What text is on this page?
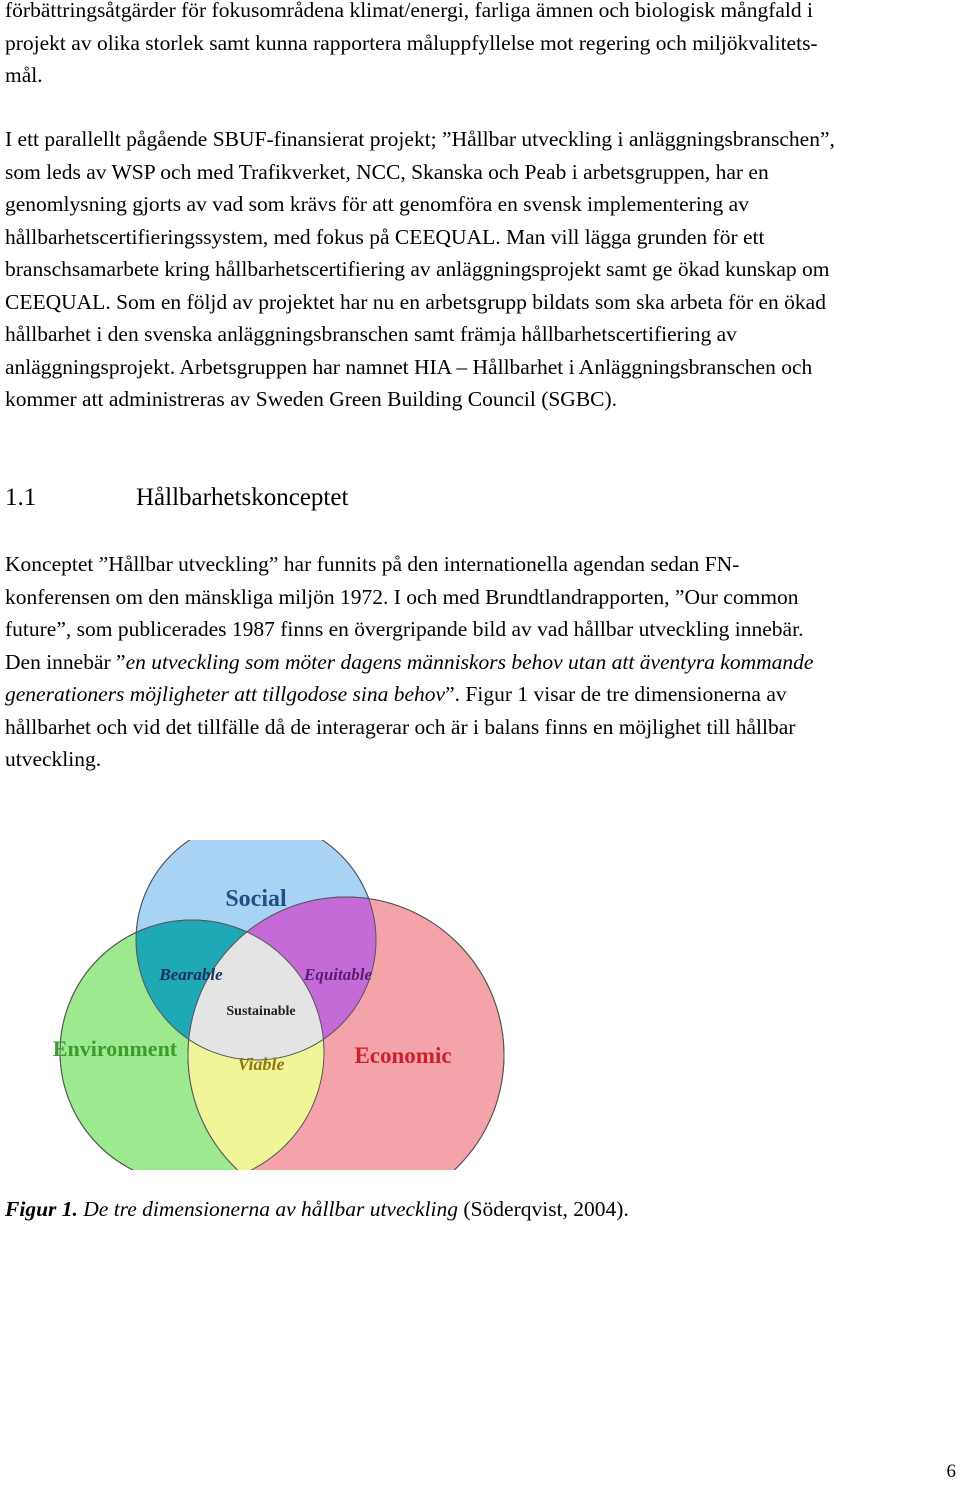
förbättringsåtgärder för fokusområdena klimat/energi, farliga ämnen och biologisk mångfald i
projekt av olika storlek samt kunna rapportera måluppfyllelse mot regering och miljökvalitets-
mål.

I ett parallellt pågående SBUF-finansierat projekt; ”Hållbar utveckling i anläggningsbranschen”,
som leds av WSP och med Trafikverket, NCC, Skanska och Peab i arbetsgruppen, har en
genomlysning gjorts av vad som krävs för att genomföra en svensk implementering av
hållbarhetscertifieringssystem, med fokus på CEEQUAL. Man vill lägga grunden för ett
branschsamarbete kring hållbarhetscertifiering av anläggningsprojekt samt ge ökad kunskap om
CEEQUAL. Som en följd av projektet har nu en arbetsgrupp bildats som ska arbeta för en ökad
hållbarhet i den svenska anläggningsbranschen samt främja hållbarhetscertifiering av
anläggningsprojekt. Arbetsgruppen har namnet HIA – Hållbarhet i Anläggningsbranschen och
kommer att administreras av Sweden Green Building Council (SGBC).

1.1	Hållbarhetskonceptet

Konceptet ”Hållbar utveckling” har funnits på den internationella agendan sedan FN-
konferensen om den mänskliga miljön 1972. I och med Brundtlandrapporten, ”Our common
future”, som publicerades 1987 finns en övergripande bild av vad hållbar utveckling innebär.
Den innebär ”en utveckling som möter dagens människors behov utan att äventyra kommande
generationers möjligheter att tillgodose sina behov”. Figur 1 visar de tre dimensionerna av
hållbarhet och vid det tillfälle då de interagerar och är i balans finns en möjlighet till hållbar
utveckling.

Social
Bearable	Equitable
Sustainable
Environment
Viable	Economic

Figur 1. De tre dimensionerna av hållbar utveckling (Söderqvist, 2004).

6
